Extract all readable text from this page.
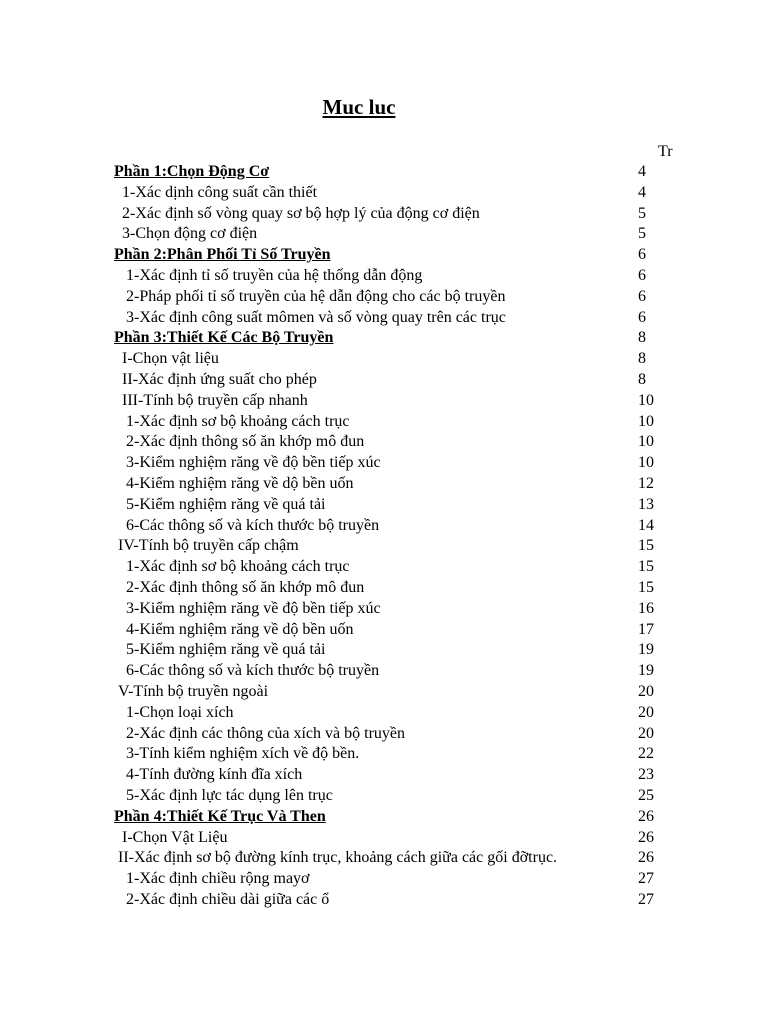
Muc luc
Tr
Phần 1:Chọn Động Cơ	4
1-Xác dịnh công suất cần thiết	4
2-Xác định số vòng quay sơ bộ hợp lý của động cơ điện	5
3-Chọn động cơ điện	5
Phần 2:Phân Phối Tỉ Số Truyền	6
1-Xác định tỉ số truyền của hệ thống dẫn động	6
2-Pháp phối tỉ số truyền của hệ dẫn động cho các bộ truyền	6
3-Xác định công suất mômen và số vòng quay trên các trục	6
Phần 3:Thiết Kế Các Bộ Truyền	8
I-Chọn vật liệu	8
II-Xác định ứng suất cho phép	8
III-Tính bộ truyền cấp nhanh	10
1-Xác định sơ bộ khoảng cách trục	10
2-Xác định thông số ăn khớp mô đun	10
3-Kiểm nghiệm răng về độ bền tiếp xúc	10
4-Kiểm nghiệm răng về dộ bền uốn	12
5-Kiểm nghiệm răng về quá tải	13
6-Các thông số và kích thước bộ truyền	14
IV-Tính bộ truyền cấp chậm	15
1-Xác định sơ bộ khoảng cách trục	15
2-Xác định thông số ăn khớp mô đun	15
3-Kiểm nghiệm răng về độ bền tiếp xúc	16
4-Kiểm nghiệm răng về dộ bền uốn	17
5-Kiểm nghiệm răng về quá tải	19
6-Các thông số và kích thước bộ truyền	19
V-Tính bộ truyền ngoài	20
1-Chọn loại xích	20
2-Xác định các thông của xích và bộ truyền	20
3-Tính kiểm nghiệm xích về độ bền.	22
4-Tính đường kính đĩa xích	23
5-Xác định lực tác dụng lên trục	25
Phần 4:Thiết Kế Trục Và Then	26
I-Chọn Vật Liệu	26
II-Xác định sơ bộ đường kính trục, khoảng cách giữa các gối đỡtrục.	26
1-Xác định chiều rộng mayơ	27
2-Xác định chiều dài giữa các ổ	27
